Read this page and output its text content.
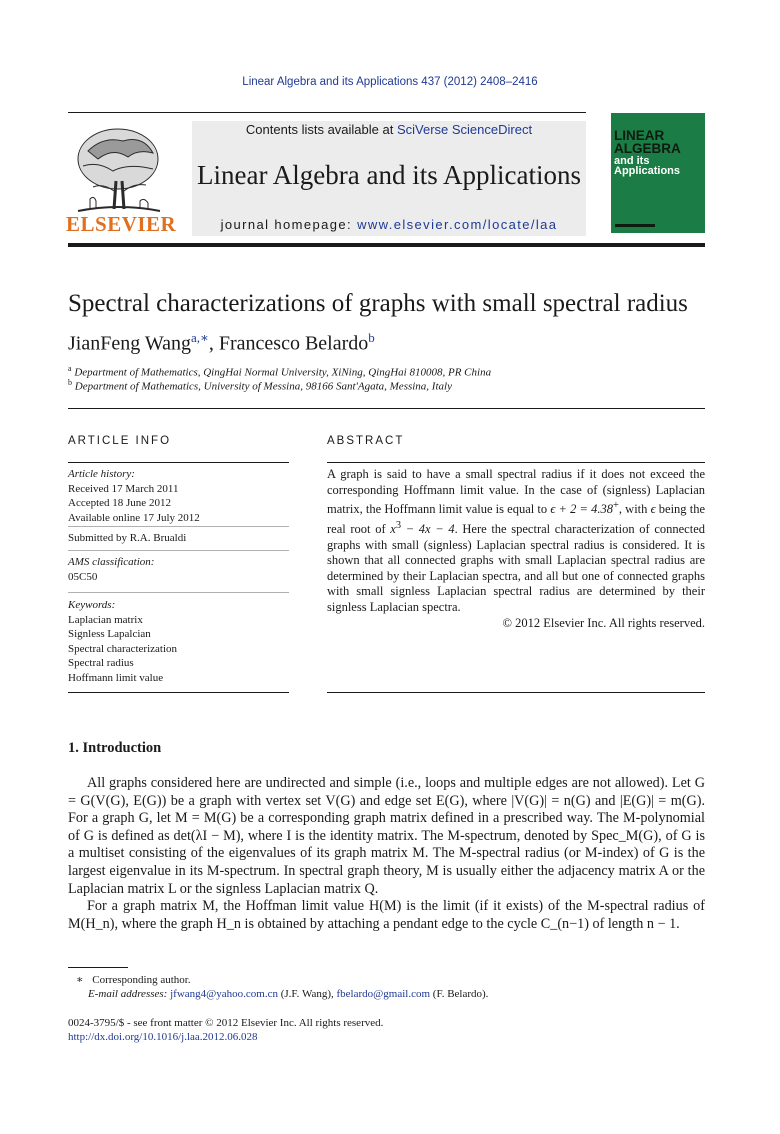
Linear Algebra and its Applications 437 (2012) 2408–2416
ELSEVIER
Contents lists available at SciVerse ScienceDirect
Linear Algebra and its Applications
journal homepage: www.elsevier.com/locate/laa
LINEAR
ALGEBRA
and its
Applications
Spectral characterizations of graphs with small spectral radius
JianFeng Wang$^{a,∗}$, Francesco Belardo$^b$
$^a$ Department of Mathematics, QingHai Normal University, XiNing, QingHai 810008, PR China
$^b$ Department of Mathematics, University of Messina, 98166 Sant'Agata, Messina, Italy
ARTICLE INFO
Article history:
Received 17 March 2011
Accepted 18 June 2012
Available online 17 July 2012
Submitted by R.A. Brualdi
AMS classification:
05C50
Keywords:
Laplacian matrix
Signless Lapalcian
Spectral characterization
Spectral radius
Hoffmann limit value
ABSTRACT
A graph is said to have a small spectral radius if it does not exceed the corresponding Hoffmann limit value. In the case of (signless) Laplacian matrix, the Hoffmann limit value is equal to ϵ + 2 = 4.38+, with ϵ being the real root of $x^3 - 4x - 4$. Here the spectral characterization of connected graphs with small (signless) Laplacian spectral radius is considered. It is shown that all connected graphs with small Laplacian spectral radius are determined by their Laplacian spectra, and all but one of connected graphs with small signless Laplacian spectral radius are determined by their signless Laplacian spectra.
© 2012 Elsevier Inc. All rights reserved.
1. Introduction

All graphs considered here are undirected and simple (i.e., loops and multiple edges are not allowed). Let G = G(V(G), E(G)) be a graph with vertex set V(G) and edge set E(G), where |V(G)| = n(G) and |E(G)| = m(G). For a graph G, let M = M(G) be a corresponding graph matrix defined in a prescribed way. The M-polynomial of G is defined as det(λI − M), where I is the identity matrix. The M-spectrum, denoted by Spec_M(G), of G is a multiset consisting of the eigenvalues of its graph matrix M. The M-spectral radius (or M-index) of G is the largest eigenvalue in its M-spectrum. In spectral graph theory, M is usually either the adjacency matrix A or the Laplacian matrix L or the signless Laplacian matrix Q.

For a graph matrix M, the Hoffman limit value H(M) is the limit (if it exists) of the M-spectral radius of M(H_n), where the graph H_n is obtained by attaching a pendant edge to the cycle C_(n−1) of length n − 1.

∗ Corresponding author.
E-mail addresses: jfwang4@yahoo.com.cn (J.F. Wang), fbelardo@gmail.com (F. Belardo).
0024-3795/$ - see front matter © 2012 Elsevier Inc. All rights reserved.
http://dx.doi.org/10.1016/j.laa.2012.06.028
